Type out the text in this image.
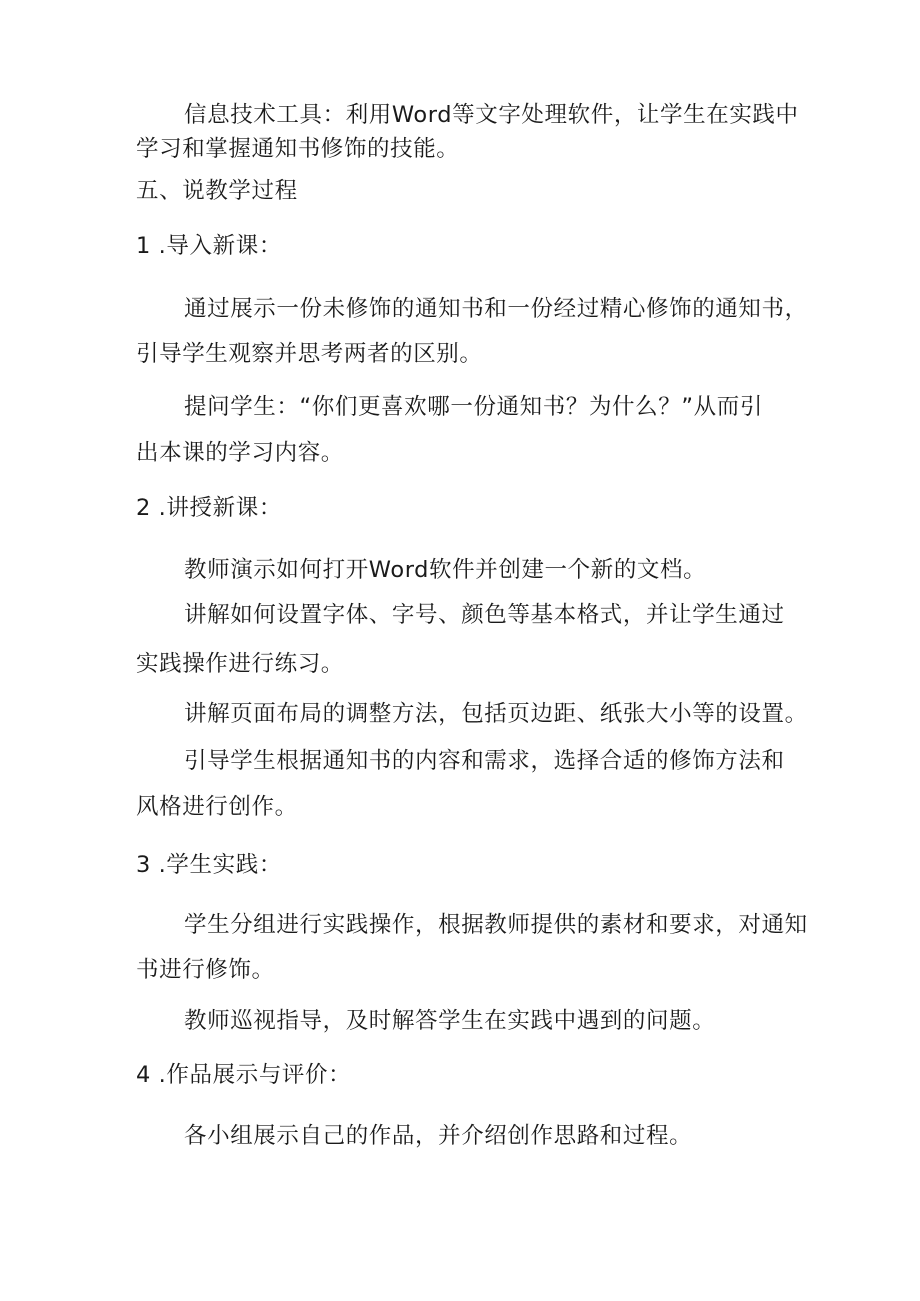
信息技术工具：利用Word等文字处理软件，让学生在实践中
学习和掌握通知书修饰的技能。
五、说教学过程
1 .导入新课：
通过展示一份未修饰的通知书和一份经过精心修饰的通知书，
引导学生观察并思考两者的区别。
提问学生：“你们更喜欢哪一份通知书？为什么？”从而引
出本课的学习内容。
2 .讲授新课：
教师演示如何打开Word软件并创建一个新的文档。
讲解如何设置字体、字号、颜色等基本格式，并让学生通过
实践操作进行练习。
讲解页面布局的调整方法，包括页边距、纸张大小等的设置。
引导学生根据通知书的内容和需求，选择合适的修饰方法和
风格进行创作。
3 .学生实践：
学生分组进行实践操作，根据教师提供的素材和要求，对通知
书进行修饰。
教师巡视指导，及时解答学生在实践中遇到的问题。
4 .作品展示与评价：
各小组展示自己的作品，并介绍创作思路和过程。
